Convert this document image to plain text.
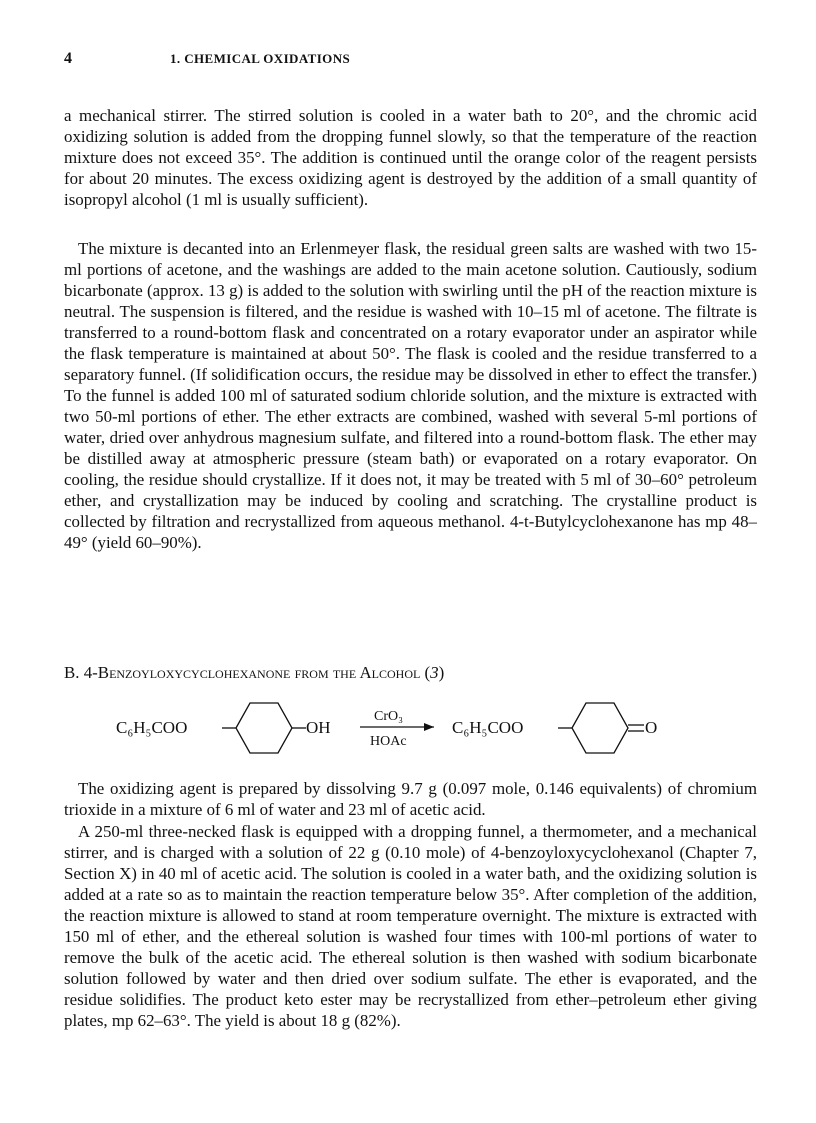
4	1. CHEMICAL OXIDATIONS

a mechanical stirrer. The stirred solution is cooled in a water bath to 20°, and the chromic acid oxidizing solution is added from the dropping funnel slowly, so that the temperature of the reaction mixture does not exceed 35°. The addition is continued until the orange color of the reagent persists for about 20 minutes. The excess oxidizing agent is destroyed by the addition of a small quantity of isopropyl alcohol (1 ml is usually sufficient).

The mixture is decanted into an Erlenmeyer flask, the residual green salts are washed with two 15-ml portions of acetone, and the washings are added to the main acetone solution. Cautiously, sodium bicarbonate (approx. 13 g) is added to the solution with swirling until the pH of the reaction mixture is neutral. The suspension is filtered, and the residue is washed with 10–15 ml of acetone. The filtrate is transferred to a round-bottom flask and concentrated on a rotary evaporator under an aspirator while the flask temperature is maintained at about 50°. The flask is cooled and the residue transferred to a separatory funnel. (If solidification occurs, the residue may be dissolved in ether to effect the transfer.) To the funnel is added 100 ml of saturated sodium chloride solution, and the mixture is extracted with two 50-ml portions of ether. The ether extracts are combined, washed with several 5-ml portions of water, dried over anhydrous magnesium sulfate, and filtered into a round-bottom flask. The ether may be distilled away at atmospheric pressure (steam bath) or evaporated on a rotary evaporator. On cooling, the residue should crystallize. If it does not, it may be treated with 5 ml of 30–60° petroleum ether, and crystallization may be induced by cooling and scratching. The crystalline product is collected by filtration and recrystallized from aqueous methanol. 4-t-Butylcyclohexanone has mp 48–49° (yield 60–90%).

B. 4-Benzoyloxycyclohexanone from the Alcohol (3)

C₆H₅COO	OH
CrO₃
HOAc
C₆H₅COO	O

The oxidizing agent is prepared by dissolving 9.7 g (0.097 mole, 0.146 equivalents) of chromium trioxide in a mixture of 6 ml of water and 23 ml of acetic acid.

A 250-ml three-necked flask is equipped with a dropping funnel, a thermometer, and a mechanical stirrer, and is charged with a solution of 22 g (0.10 mole) of 4-benzoyloxycyclohexanol (Chapter 7, Section X) in 40 ml of acetic acid. The solution is cooled in a water bath, and the oxidizing solution is added at a rate so as to maintain the reaction temperature below 35°. After completion of the addition, the reaction mixture is allowed to stand at room temperature overnight. The mixture is extracted with 150 ml of ether, and the ethereal solution is washed four times with 100-ml portions of water to remove the bulk of the acetic acid. The ethereal solution is then washed with sodium bicarbonate solution followed by water and then dried over sodium sulfate. The ether is evaporated, and the residue solidifies. The product keto ester may be recrystallized from ether–petroleum ether giving plates, mp 62–63°. The yield is about 18 g (82%).
